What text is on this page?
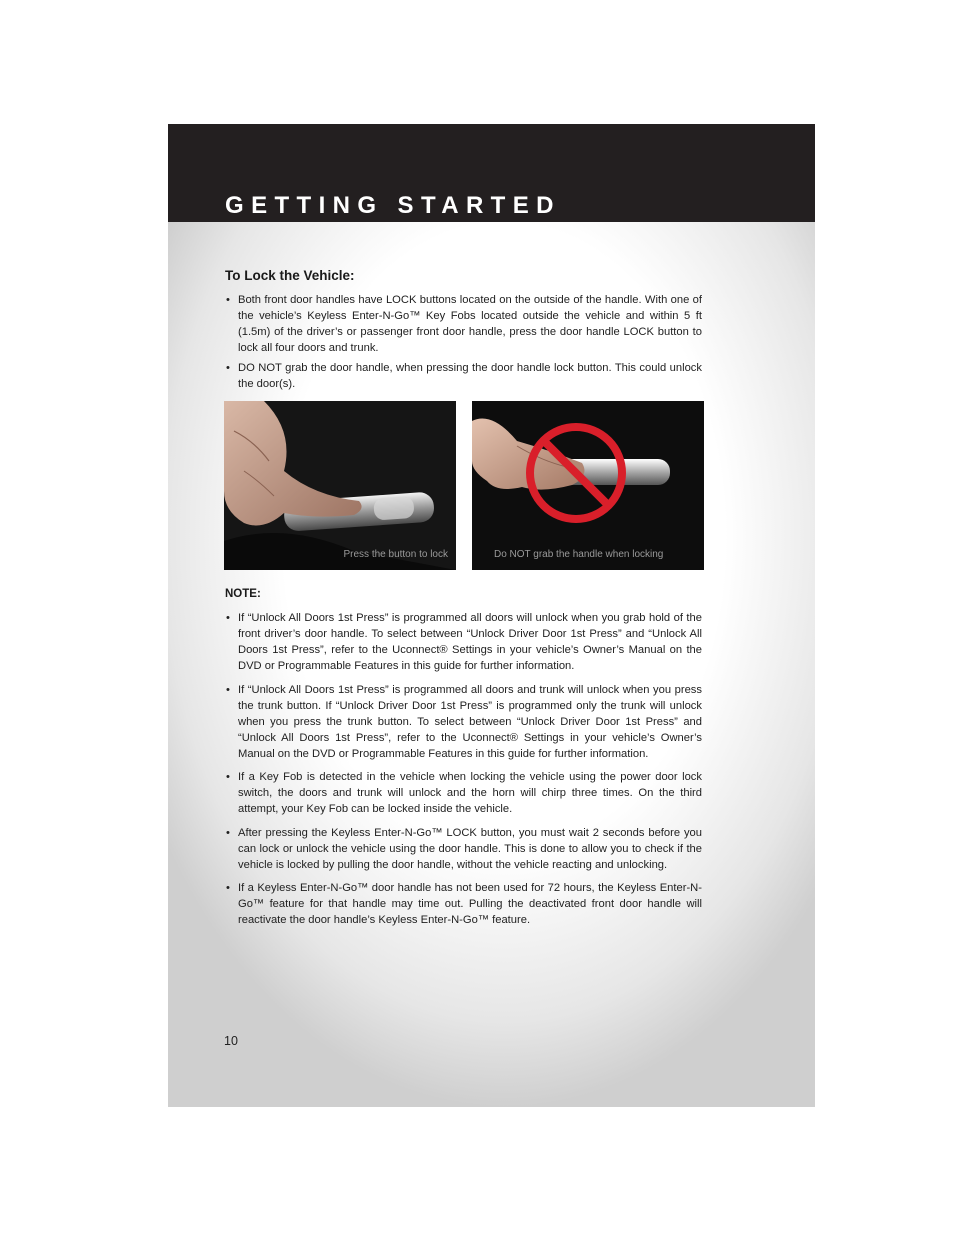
GETTING STARTED
To Lock the Vehicle:
• Both front door handles have LOCK buttons located on the outside of the handle. With one of the vehicle’s Keyless Enter-N-Go™ Key Fobs located outside the vehicle and within 5 ft (1.5m) of the driver’s or passenger front door handle, press the door handle LOCK button to lock all four doors and trunk.
• DO NOT grab the door handle, when pressing the door handle lock button. This could unlock the door(s).
Press the button to lock	Do NOT grab the handle when locking
NOTE:
• If “Unlock All Doors 1st Press” is programmed all doors will unlock when you grab hold of the front driver’s door handle. To select between “Unlock Driver Door 1st Press” and “Unlock All Doors 1st Press”, refer to the Uconnect® Settings in your vehicle’s Owner’s Manual on the DVD or Programmable Features in this guide for further information.
• If “Unlock All Doors 1st Press” is programmed all doors and trunk will unlock when you press the trunk button. If “Unlock Driver Door 1st Press” is programmed only the trunk will unlock when you press the trunk button. To select between “Unlock Driver Door 1st Press” and “Unlock All Doors 1st Press”, refer to the Uconnect® Settings in your vehicle’s Owner’s Manual on the DVD or Programmable Features in this guide for further information.
• If a Key Fob is detected in the vehicle when locking the vehicle using the power door lock switch, the doors and trunk will unlock and the horn will chirp three times. On the third attempt, your Key Fob can be locked inside the vehicle.
• After pressing the Keyless Enter-N-Go™ LOCK button, you must wait 2 seconds before you can lock or unlock the vehicle using the door handle. This is done to allow you to check if the vehicle is locked by pulling the door handle, without the vehicle reacting and unlocking.
• If a Keyless Enter-N-Go™ door handle has not been used for 72 hours, the Keyless Enter-N-Go™ feature for that handle may time out. Pulling the deactivated front door handle will reactivate the door handle’s Keyless Enter-N-Go™ feature.
10
